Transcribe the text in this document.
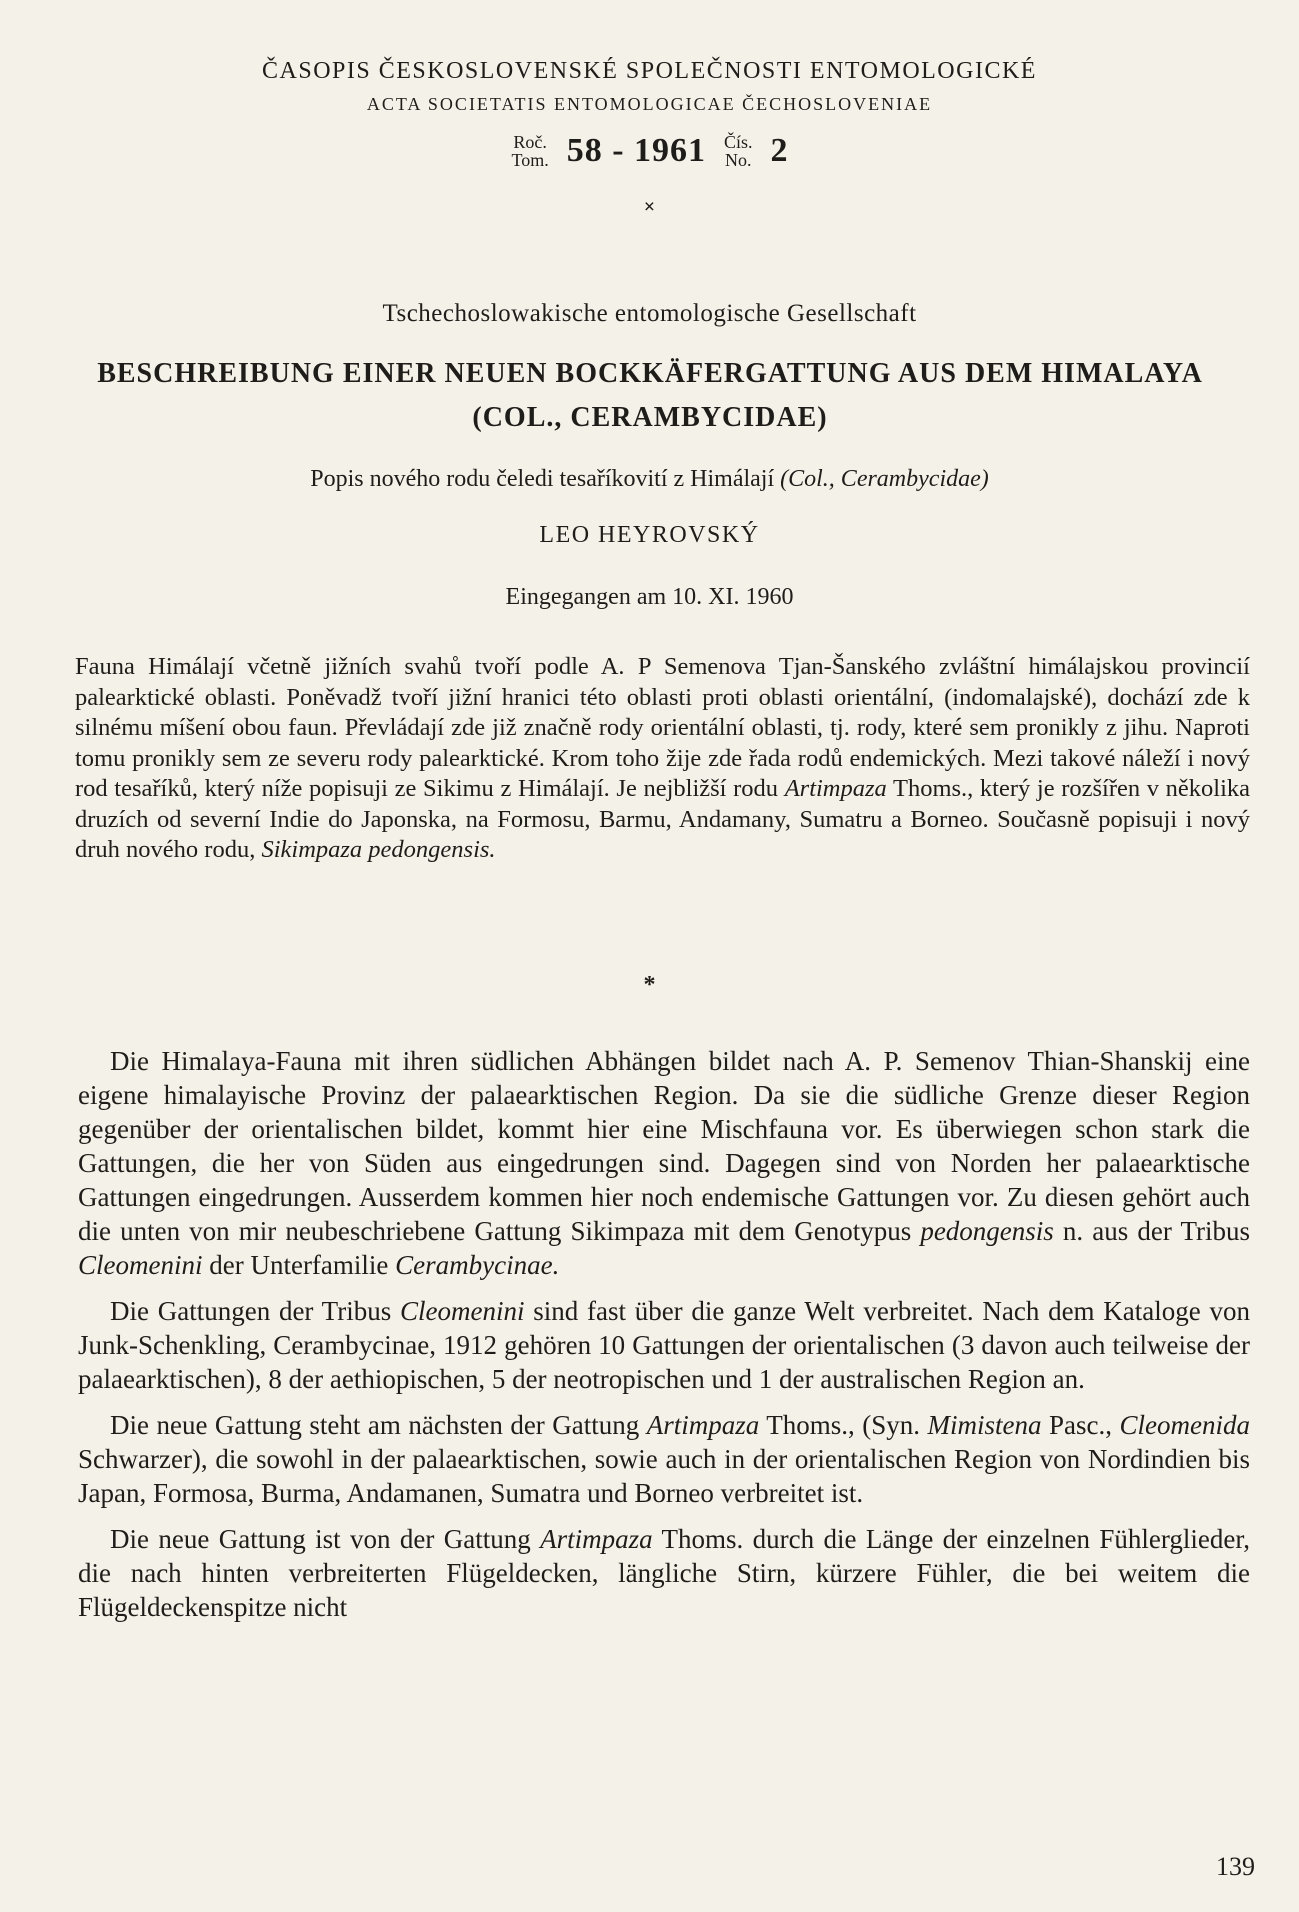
ČASOPIS ČESKOSLOVENSKÉ SPOLEČNOSTI ENTOMOLOGICKÉ
ACTA SOCIETATIS ENTOMOLOGICAE ČECHOSLOVENIAE
Roč.
Tom. 58 - 1961 Čís.
No. 2
×
Tschechoslowakische entomologische Gesellschaft
BESCHREIBUNG EINER NEUEN BOCKKÄFERGATTUNG AUS DEM HIMALAYA (COL., CERAMBYCIDAE)
Popis nového rodu čeledi tesaříkovití z Himálají (Col., Cerambycidae)
LEO HEYROVSKÝ
Eingegangen am 10. XI. 1960

Fauna Himálají včetně jižních svahů tvoří podle A. P Semenova Tjan-Šanského zvláštní himálajskou provincií palearktické oblasti. Poněvadž tvoří jižní hranici této oblasti proti oblasti orientální, (indomalajské), dochází zde k silnému míšení obou faun. Převládají zde již značně rody orientální oblasti, tj. rody, které sem pronikly z jihu. Naproti tomu pronikly sem ze severu rody palearktické. Krom toho žije zde řada rodů endemických. Mezi takové náleží i nový rod tesaříků, který níže popisuji ze Sikimu z Himálají. Je nejbližší rodu Artimpaza Thoms., který je rozšířen v několika druzích od severní Indie do Japonska, na Formosu, Barmu, Andamany, Sumatru a Borneo. Současně popisuji i nový druh nového rodu, Sikimpaza pedongensis.

*

Die Himalaya-Fauna mit ihren südlichen Abhängen bildet nach A. P. Semenov Thian-Shanskij eine eigene himalayische Provinz der palaearktischen Region. Da sie die südliche Grenze dieser Region gegenüber der orientalischen bildet, kommt hier eine Mischfauna vor. Es überwiegen schon stark die Gattungen, die her von Süden aus eingedrungen sind. Dagegen sind von Norden her palaearktische Gattungen eingedrungen. Ausserdem kommen hier noch endemische Gattungen vor. Zu diesen gehört auch die unten von mir neubeschriebene Gattung Sikimpaza mit dem Genotypus pedongensis n. aus der Tribus Cleomenini der Unterfamilie Cerambycinae.

Die Gattungen der Tribus Cleomenini sind fast über die ganze Welt verbreitet. Nach dem Kataloge von Junk-Schenkling, Cerambycinae, 1912 gehören 10 Gattungen der orientalischen (3 davon auch teilweise der palaearktischen), 8 der aethiopischen, 5 der neotropischen und 1 der australischen Region an.

Die neue Gattung steht am nächsten der Gattung Artimpaza Thoms., (Syn. Mimistena Pasc., Cleomenida Schwarzer), die sowohl in der palaearktischen, sowie auch in der orientalischen Region von Nordindien bis Japan, Formosa, Burma, Andamanen, Sumatra und Borneo verbreitet ist.

Die neue Gattung ist von der Gattung Artimpaza Thoms. durch die Länge der einzelnen Fühlerglieder, die nach hinten verbreiterten Flügeldecken, längliche Stirn, kürzere Fühler, die bei weitem die Flügeldeckenspitze nicht

139
